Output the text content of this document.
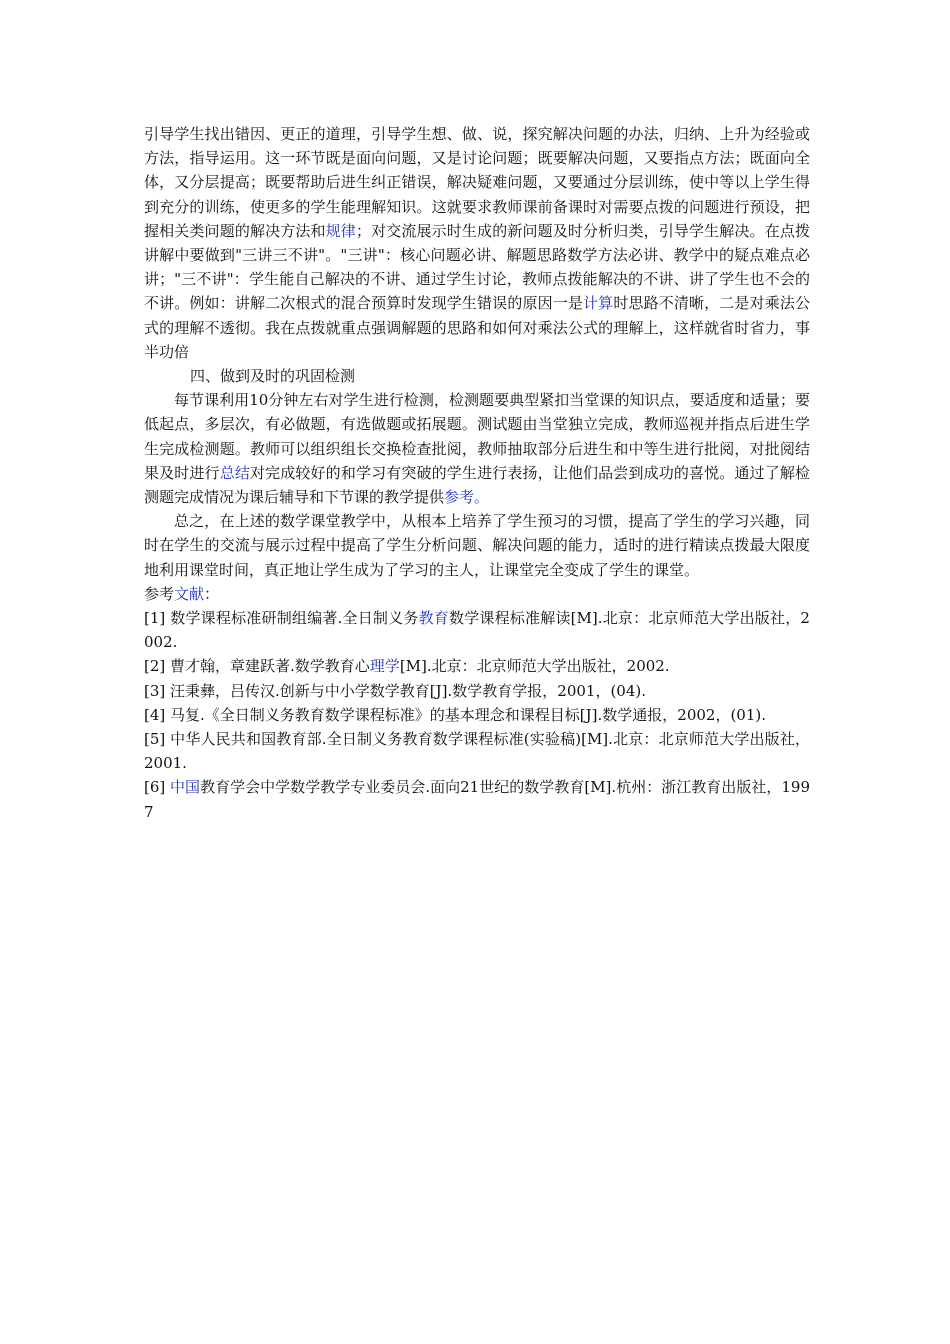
引导学生找出错因、更正的道理，引导学生想、做、说，探究解决问题的办法，归纳、上升为经验或方法，指导运用。这一环节既是面向问题，又是讨论问题；既要解决问题，又要指点方法；既面向全体，又分层提高；既要帮助后进生纠正错误，解决疑难问题，又要通过分层训练，使中等以上学生得到充分的训练，使更多的学生能理解知识。这就要求教师课前备课时对需要点拨的问题进行预设，把握相关类问题的解决方法和规律；对交流展示时生成的新问题及时分析归类，引导学生解决。在点拨讲解中要做到"三讲三不讲"。"三讲"：核心问题必讲、解题思路数学方法必讲、教学中的疑点难点必讲；"三不讲"：学生能自己解决的不讲、通过学生讨论，教师点拨能解决的不讲、讲了学生也不会的不讲。例如：讲解二次根式的混合预算时发现学生错误的原因一是计算时思路不清晰，二是对乘法公式的理解不透彻。我在点拨就重点强调解题的思路和如何对乘法公式的理解上，这样就省时省力，事半功倍

四、做到及时的巩固检测

每节课利用10分钟左右对学生进行检测，检测题要典型紧扣当堂课的知识点，要适度和适量；要低起点，多层次，有必做题，有选做题或拓展题。测试题由当堂独立完成，教师巡视并指点后进生学生完成检测题。教师可以组织组长交换检查批阅，教师抽取部分后进生和中等生进行批阅，对批阅结果及时进行总结对完成较好的和学习有突破的学生进行表扬，让他们品尝到成功的喜悦。通过了解检测题完成情况为课后辅导和下节课的教学提供参考。

总之，在上述的数学课堂教学中，从根本上培养了学生预习的习惯，提高了学生的学习兴趣，同时在学生的交流与展示过程中提高了学生分析问题、解决问题的能力，适时的进行精读点拨最大限度地利用课堂时间，真正地让学生成为了学习的主人，让课堂完全变成了学生的课堂。

参考文献：

[1] 数学课程标准研制组编著.全日制义务教育数学课程标准解读[M].北京：北京师范大学出版社，2002.

[2] 曹才翰，章建跃著.数学教育心理学[M].北京：北京师范大学出版社，2002.

[3] 汪秉彝，吕传汉.创新与中小学数学教育[J].数学教育学报，2001，(04).

[4] 马复.《全日制义务教育数学课程标准》的基本理念和课程目标[J].数学通报，2002，(01).

[5] 中华人民共和国教育部.全日制义务教育数学课程标准(实验稿)[M].北京：北京师范大学出版社，2001.

[6] 中国教育学会中学数学教学专业委员会.面向21世纪的数学教育[M].杭州：浙江教育出版社，1997
